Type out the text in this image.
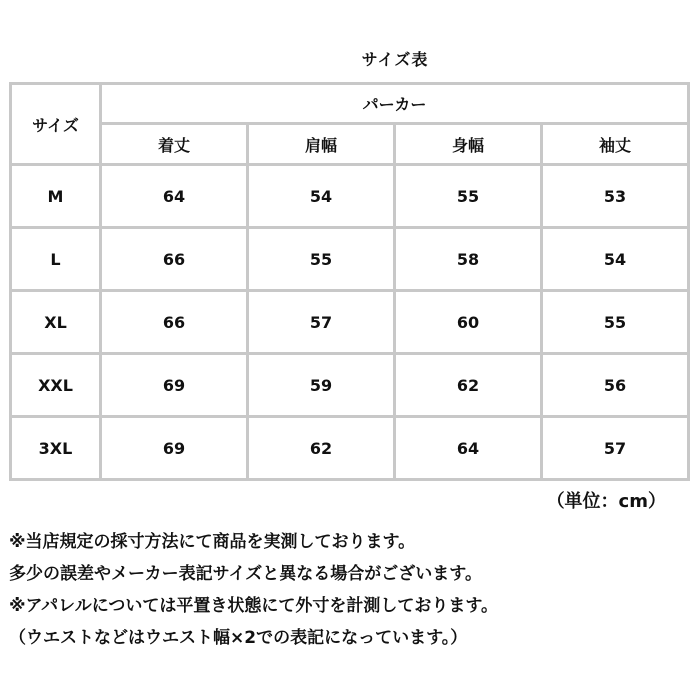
サイズ表
サイズ	パーカー			
	着丈	肩幅	身幅	袖丈
M	64	54	55	53
L	66	55	58	54
XL	66	57	60	55
XXL	69	59	62	56
3XL	69	62	64	57
（単位：cm）
※当店規定の採寸方法にて商品を実測しております。
多少の誤差やメーカー表記サイズと異なる場合がございます。
※アパレルについては平置き状態にて外寸を計測しております。
（ウエストなどはウエスト幅×2での表記になっています。）
